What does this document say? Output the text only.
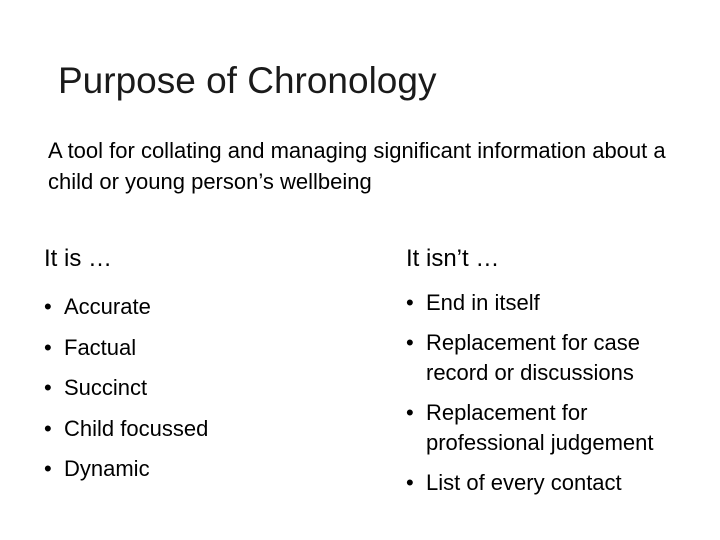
Purpose of Chronology
A tool for collating and managing significant information about a child or young person’s wellbeing
It is …
• Accurate
• Factual
• Succinct
• Child focussed
• Dynamic
It isn’t …
• End in itself
• Replacement for case record or discussions
• Replacement for professional judgement
• List of every contact
